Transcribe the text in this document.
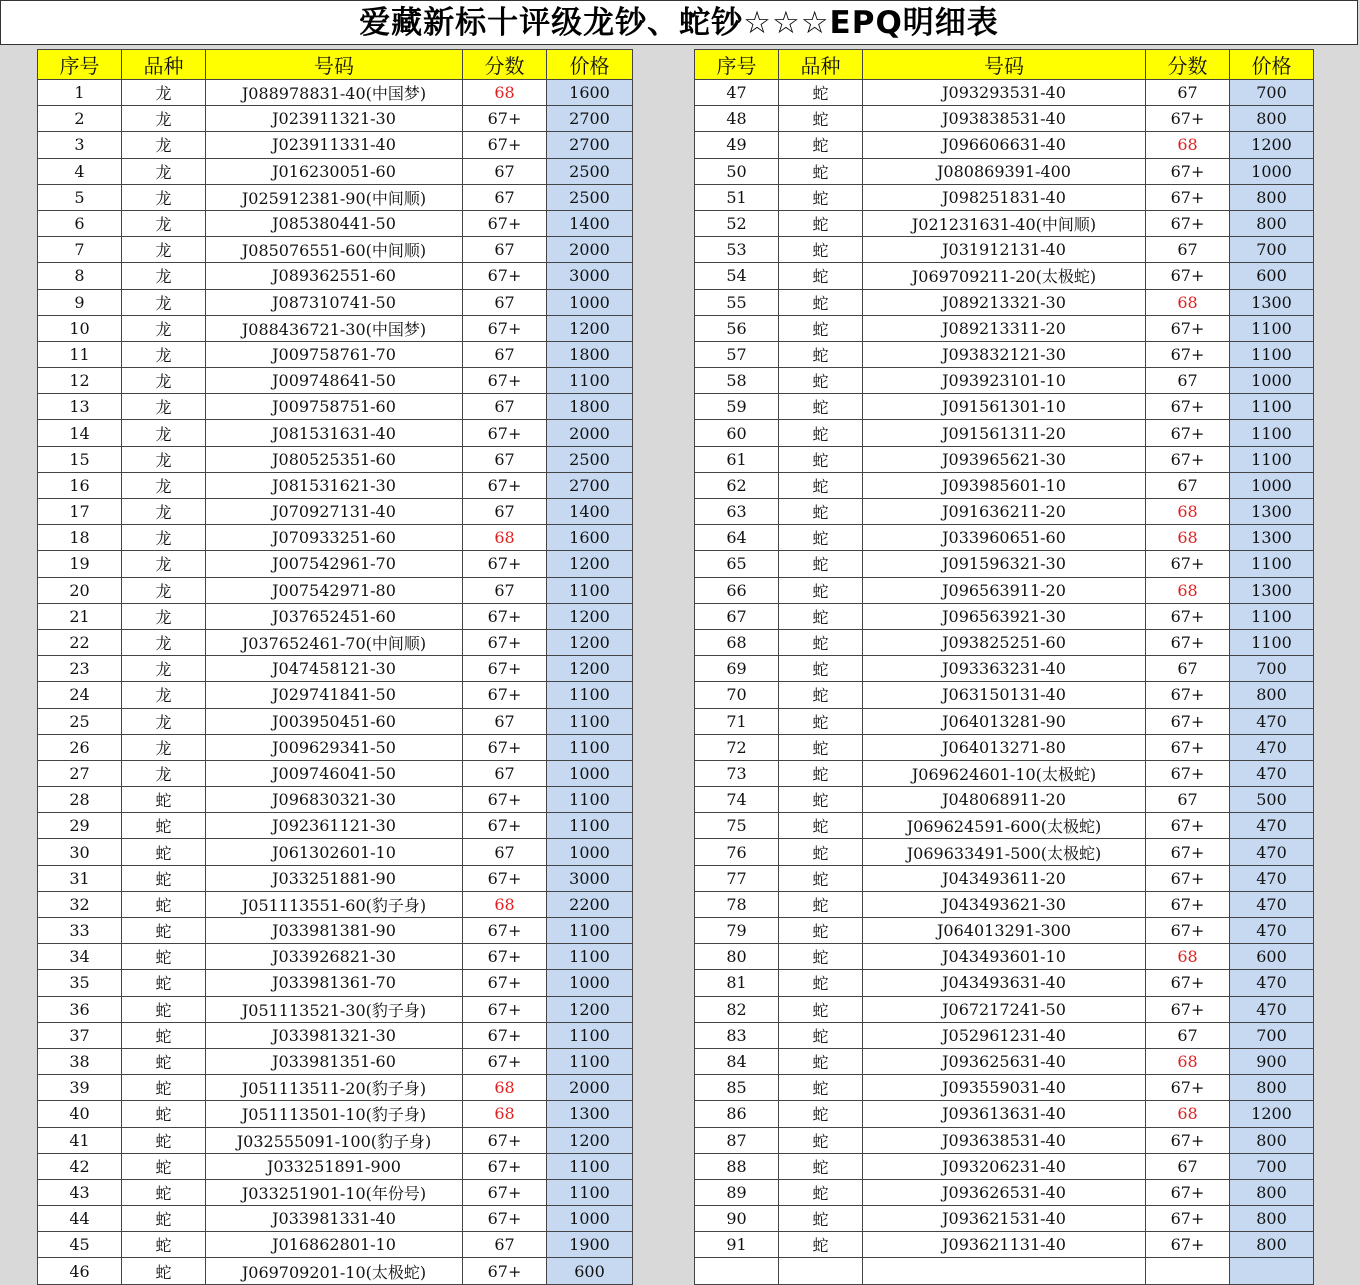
爱藏新标十评级龙钞、蛇钞☆☆☆EPQ明细表
序号	品种	号码	分数	价格
1	龙	J088978831-40(中国梦)	68	1600
2	龙	J023911321-30	67+	2700
3	龙	J023911331-40	67+	2700
4	龙	J016230051-60	67	2500
5	龙	J025912381-90(中间顺)	67	2500
6	龙	J085380441-50	67+	1400
7	龙	J085076551-60(中间顺)	67	2000
8	龙	J089362551-60	67+	3000
9	龙	J087310741-50	67	1000
10	龙	J088436721-30(中国梦)	67+	1200
11	龙	J009758761-70	67	1800
12	龙	J009748641-50	67+	1100
13	龙	J009758751-60	67	1800
14	龙	J081531631-40	67+	2000
15	龙	J080525351-60	67	2500
16	龙	J081531621-30	67+	2700
17	龙	J070927131-40	67	1400
18	龙	J070933251-60	68	1600
19	龙	J007542961-70	67+	1200
20	龙	J007542971-80	67	1100
21	龙	J037652451-60	67+	1200
22	龙	J037652461-70(中间顺)	67+	1200
23	龙	J047458121-30	67+	1200
24	龙	J029741841-50	67+	1100
25	龙	J003950451-60	67	1100
26	龙	J009629341-50	67+	1100
27	龙	J009746041-50	67	1000
28	蛇	J096830321-30	67+	1100
29	蛇	J092361121-30	67+	1100
30	蛇	J061302601-10	67	1000
31	蛇	J033251881-90	67+	3000
32	蛇	J051113551-60(豹子身)	68	2200
33	蛇	J033981381-90	67+	1100
34	蛇	J033926821-30	67+	1100
35	蛇	J033981361-70	67+	1000
36	蛇	J051113521-30(豹子身)	67+	1200
37	蛇	J033981321-30	67+	1100
38	蛇	J033981351-60	67+	1100
39	蛇	J051113511-20(豹子身)	68	2000
40	蛇	J051113501-10(豹子身)	68	1300
41	蛇	J032555091-100(豹子身)	67+	1200
42	蛇	J033251891-900	67+	1100
43	蛇	J033251901-10(年份号)	67+	1100
44	蛇	J033981331-40	67+	1000
45	蛇	J016862801-10	67	1900
46	蛇	J069709201-10(太极蛇)	67+	600
序号	品种	号码	分数	价格
47	蛇	J093293531-40	67	700
48	蛇	J093838531-40	67+	800
49	蛇	J096606631-40	68	1200
50	蛇	J080869391-400	67+	1000
51	蛇	J098251831-40	67+	800
52	蛇	J021231631-40(中间顺)	67+	800
53	蛇	J031912131-40	67	700
54	蛇	J069709211-20(太极蛇)	67+	600
55	蛇	J089213321-30	68	1300
56	蛇	J089213311-20	67+	1100
57	蛇	J093832121-30	67+	1100
58	蛇	J093923101-10	67	1000
59	蛇	J091561301-10	67+	1100
60	蛇	J091561311-20	67+	1100
61	蛇	J093965621-30	67+	1100
62	蛇	J093985601-10	67	1000
63	蛇	J091636211-20	68	1300
64	蛇	J033960651-60	68	1300
65	蛇	J091596321-30	67+	1100
66	蛇	J096563911-20	68	1300
67	蛇	J096563921-30	67+	1100
68	蛇	J093825251-60	67+	1100
69	蛇	J093363231-40	67	700
70	蛇	J063150131-40	67+	800
71	蛇	J064013281-90	67+	470
72	蛇	J064013271-80	67+	470
73	蛇	J069624601-10(太极蛇)	67+	470
74	蛇	J048068911-20	67	500
75	蛇	J069624591-600(太极蛇)	67+	470
76	蛇	J069633491-500(太极蛇)	67+	470
77	蛇	J043493611-20	67+	470
78	蛇	J043493621-30	67+	470
79	蛇	J064013291-300	67+	470
80	蛇	J043493601-10	68	600
81	蛇	J043493631-40	67+	470
82	蛇	J067217241-50	67+	470
83	蛇	J052961231-40	67	700
84	蛇	J093625631-40	68	900
85	蛇	J093559031-40	67+	800
86	蛇	J093613631-40	68	1200
87	蛇	J093638531-40	67+	800
88	蛇	J093206231-40	67	700
89	蛇	J093626531-40	67+	800
90	蛇	J093621531-40	67+	800
91	蛇	J093621131-40	67+	800
